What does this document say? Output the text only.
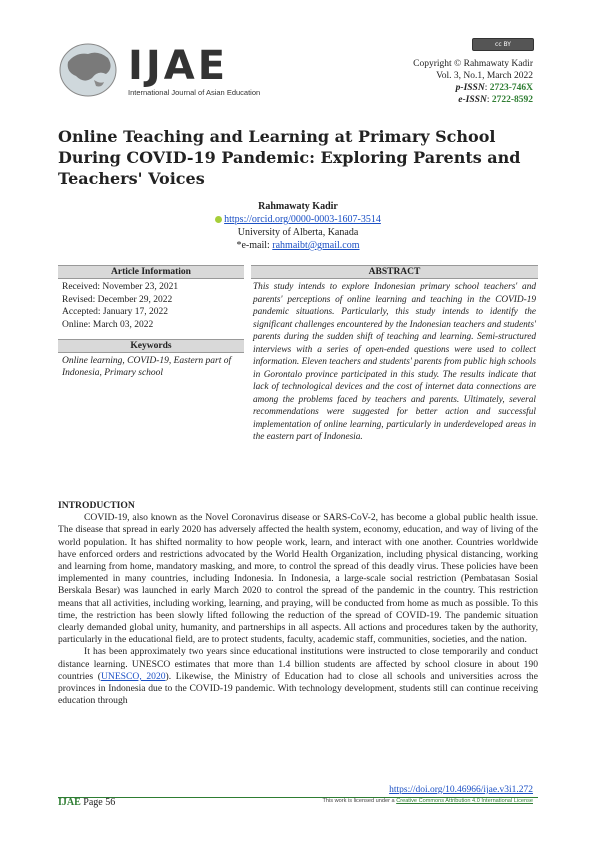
IJAE
International Journal of Asian Education
cc BY
Copyright © Rahmawaty Kadir
Vol. 3, No.1, March 2022
p-ISSN: 2723-746X
e-ISSN: 2722-8592
Online Teaching and Learning at Primary School During COVID-19 Pandemic: Exploring Parents and Teachers' Voices
Rahmawaty Kadir
https://orcid.org/0000-0003-1607-3514
University of Alberta, Kanada
*e-mail: rahmaibt@gmail.com
Article Information
Received: November 23, 2021
Revised: December 29, 2022
Accepted: January 17, 2022
Online: March 03, 2022
Keywords
Online learning, COVID-19, Eastern part of Indonesia, Primary school
ABSTRACT
This study intends to explore Indonesian primary school teachers' and parents' perceptions of online learning and teaching in the COVID-19 pandemic situations. Particularly, this study intends to identify the significant challenges encountered by the Indonesian teachers and students' parents during the sudden shift of teaching and learning. Semi-structured interviews with a series of open-ended questions were used to collect information. Eleven teachers and students' parents from public high schools in Gorontalo province participated in this study. The results indicate that lack of technological devices and the cost of internet data connections are among the problems faced by teachers and parents. Ultimately, several recommendations were suggested for better action and successful implementation of online learning, particularly in underdeveloped areas in the eastern part of Indonesia.
INTRODUCTION

COVID-19, also known as the Novel Coronavirus disease or SARS-CoV-2, has become a global public health issue. The disease that spread in early 2020 has adversely affected the health system, economy, education, and way of living of the world population. It has shifted normality to how people work, learn, and interact with one another. Countries worldwide have enforced orders and restrictions advocated by the World Health Organization, including physical distancing, working and learning from home, mandatory masking, and more, to control the spread of this deadly virus. These policies have been implemented in many countries, including Indonesia. In Indonesia, a large-scale social restriction (Pembatasan Sosial Berskala Besar) was launched in early March 2020 to control the spread of the pandemic in the country. This restriction means that all activities, including working, learning, and praying, will be conducted from home as much as possible. To this time, the restriction has been slowly lifted following the reduction of the spread of COVID-19. The pandemic situation clearly demanded global unity, humanity, and partnerships in all aspects. All actions and procedures taken by the authority, particularly in the educational field, are to protect students, faculty, academic staff, communities, societies, and the nation.

It has been approximately two years since educational institutions were instructed to close temporarily and conduct distance learning. UNESCO estimates that more than 1.4 billion students are affected by school closure in about 190 countries (UNESCO, 2020). Likewise, the Ministry of Education had to close all schools and universities across the provinces in Indonesia due to the COVID-19 pandemic. With technology development, students still can continue receiving education through

https://doi.org/10.46966/ijae.v3i1.272
IJAE Page 56	This work is licensed under a Creative Commons Attribution 4.0 International License
